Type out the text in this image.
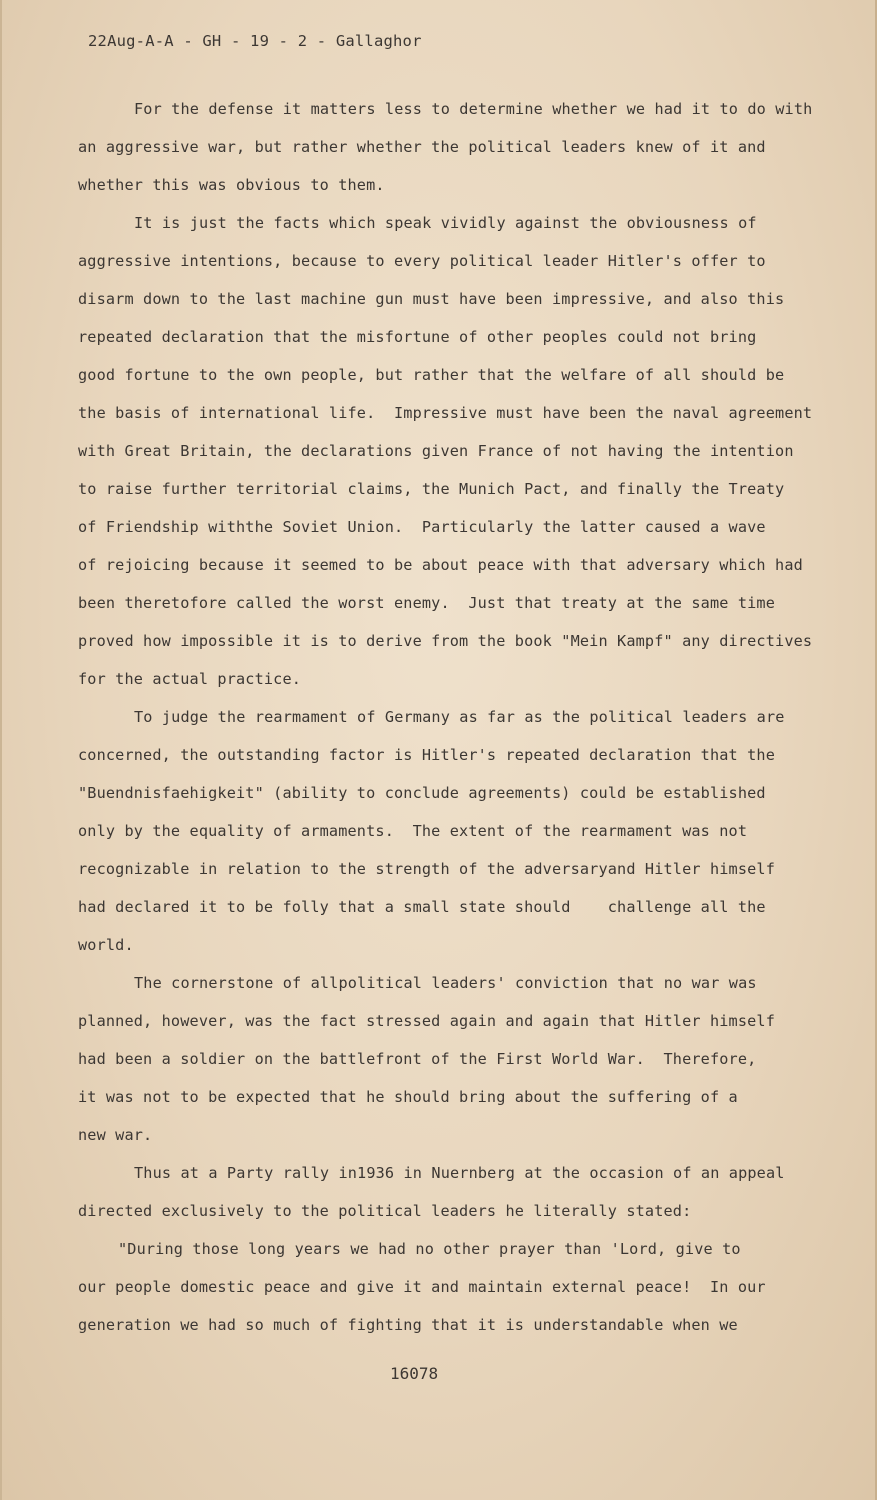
22Aug-A-A - GH - 19 - 2 - Gallaghor
For the defense it matters less to determine whether we had it to do with
an aggressive war, but rather whether the political leaders knew of it and
whether this was obvious to them.
It is just the facts which speak vividly against the obviousness of
aggressive intentions, because to every political leader Hitler's offer to
disarm down to the last machine gun must have been impressive, and also this
repeated declaration that the misfortune of other peoples could not bring
good fortune to the own people, but rather that the welfare of all should be
the basis of international life.  Impressive must have been the naval agreement
with Great Britain, the declarations given France of not having the intention
to raise further territorial claims, the Munich Pact, and finally the Treaty
of Friendship withthe Soviet Union.  Particularly the latter caused a wave
of rejoicing because it seemed to be about peace with that adversary which had
been theretofore called the worst enemy.  Just that treaty at the same time
proved how impossible it is to derive from the book "Mein Kampf" any directives
for the actual practice.
To judge the rearmament of Germany as far as the political leaders are
concerned, the outstanding factor is Hitler's repeated declaration that the
"Buendnisfaehigkeit" (ability to conclude agreements) could be established
only by the equality of armaments.  The extent of the rearmament was not
recognizable in relation to the strength of the adversaryand Hitler himself
had declared it to be folly that a small state should    challenge all the
world.
The cornerstone of allpolitical leaders' conviction that no war was
planned, however, was the fact stressed again and again that Hitler himself
had been a soldier on the battlefront of the First World War.  Therefore,
it was not to be expected that he should bring about the suffering of a
new war.
Thus at a Party rally in1936 in Nuernberg at the occasion of an appeal
directed exclusively to the political leaders he literally stated:
"During those long years we had no other prayer than 'Lord, give to
our people domestic peace and give it and maintain external peace!  In our
generation we had so much of fighting that it is understandable when we
16078
